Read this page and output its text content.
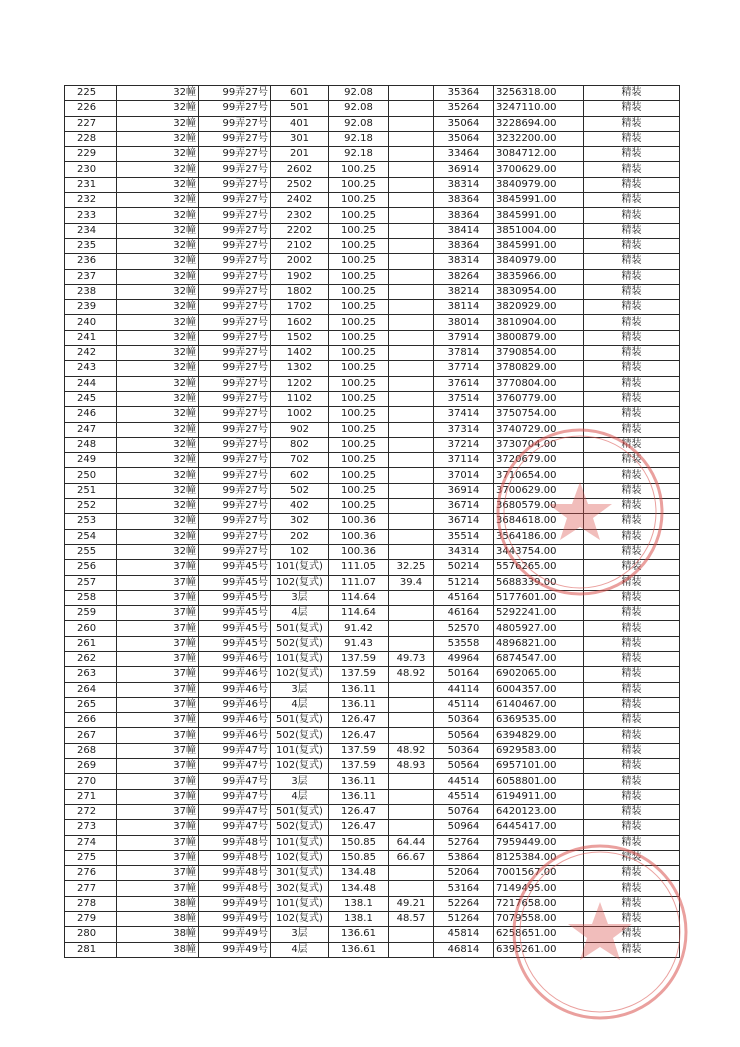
225	32幢	99弄27号	601	92.08		35364	3256318.00	精装
226	32幢	99弄27号	501	92.08		35264	3247110.00	精装
227	32幢	99弄27号	401	92.08		35064	3228694.00	精装
228	32幢	99弄27号	301	92.18		35064	3232200.00	精装
229	32幢	99弄27号	201	92.18		33464	3084712.00	精装
230	32幢	99弄27号	2602	100.25		36914	3700629.00	精装
231	32幢	99弄27号	2502	100.25		38314	3840979.00	精装
232	32幢	99弄27号	2402	100.25		38364	3845991.00	精装
233	32幢	99弄27号	2302	100.25		38364	3845991.00	精装
234	32幢	99弄27号	2202	100.25		38414	3851004.00	精装
235	32幢	99弄27号	2102	100.25		38364	3845991.00	精装
236	32幢	99弄27号	2002	100.25		38314	3840979.00	精装
237	32幢	99弄27号	1902	100.25		38264	3835966.00	精装
238	32幢	99弄27号	1802	100.25		38214	3830954.00	精装
239	32幢	99弄27号	1702	100.25		38114	3820929.00	精装
240	32幢	99弄27号	1602	100.25		38014	3810904.00	精装
241	32幢	99弄27号	1502	100.25		37914	3800879.00	精装
242	32幢	99弄27号	1402	100.25		37814	3790854.00	精装
243	32幢	99弄27号	1302	100.25		37714	3780829.00	精装
244	32幢	99弄27号	1202	100.25		37614	3770804.00	精装
245	32幢	99弄27号	1102	100.25		37514	3760779.00	精装
246	32幢	99弄27号	1002	100.25		37414	3750754.00	精装
247	32幢	99弄27号	902	100.25		37314	3740729.00	精装
248	32幢	99弄27号	802	100.25		37214	3730704.00	精装
249	32幢	99弄27号	702	100.25		37114	3720679.00	精装
250	32幢	99弄27号	602	100.25		37014	3710654.00	精装
251	32幢	99弄27号	502	100.25		36914	3700629.00	精装
252	32幢	99弄27号	402	100.25		36714	3680579.00	精装
253	32幢	99弄27号	302	100.36		36714	3684618.00	精装
254	32幢	99弄27号	202	100.36		35514	3564186.00	精装
255	32幢	99弄27号	102	100.36		34314	3443754.00	精装
256	37幢	99弄45号	101(复式)	111.05	32.25	50214	5576265.00	精装
257	37幢	99弄45号	102(复式)	111.07	39.4	51214	5688339.00	精装
258	37幢	99弄45号	3层	114.64		45164	5177601.00	精装
259	37幢	99弄45号	4层	114.64		46164	5292241.00	精装
260	37幢	99弄45号	501(复式)	91.42		52570	4805927.00	精装
261	37幢	99弄45号	502(复式)	91.43		53558	4896821.00	精装
262	37幢	99弄46号	101(复式)	137.59	49.73	49964	6874547.00	精装
263	37幢	99弄46号	102(复式)	137.59	48.92	50164	6902065.00	精装
264	37幢	99弄46号	3层	136.11		44114	6004357.00	精装
265	37幢	99弄46号	4层	136.11		45114	6140467.00	精装
266	37幢	99弄46号	501(复式)	126.47		50364	6369535.00	精装
267	37幢	99弄46号	502(复式)	126.47		50564	6394829.00	精装
268	37幢	99弄47号	101(复式)	137.59	48.92	50364	6929583.00	精装
269	37幢	99弄47号	102(复式)	137.59	48.93	50564	6957101.00	精装
270	37幢	99弄47号	3层	136.11		44514	6058801.00	精装
271	37幢	99弄47号	4层	136.11		45514	6194911.00	精装
272	37幢	99弄47号	501(复式)	126.47		50764	6420123.00	精装
273	37幢	99弄47号	502(复式)	126.47		50964	6445417.00	精装
274	37幢	99弄48号	101(复式)	150.85	64.44	52764	7959449.00	精装
275	37幢	99弄48号	102(复式)	150.85	66.67	53864	8125384.00	精装
276	37幢	99弄48号	301(复式)	134.48		52064	7001567.00	精装
277	37幢	99弄48号	302(复式)	134.48		53164	7149495.00	精装
278	38幢	99弄49号	101(复式)	138.1	49.21	52264	7217658.00	精装
279	38幢	99弄49号	102(复式)	138.1	48.57	51264	7079558.00	精装
280	38幢	99弄49号	3层	136.61		45814	6258651.00	精装
281	38幢	99弄49号	4层	136.61		46814	6395261.00	精装
